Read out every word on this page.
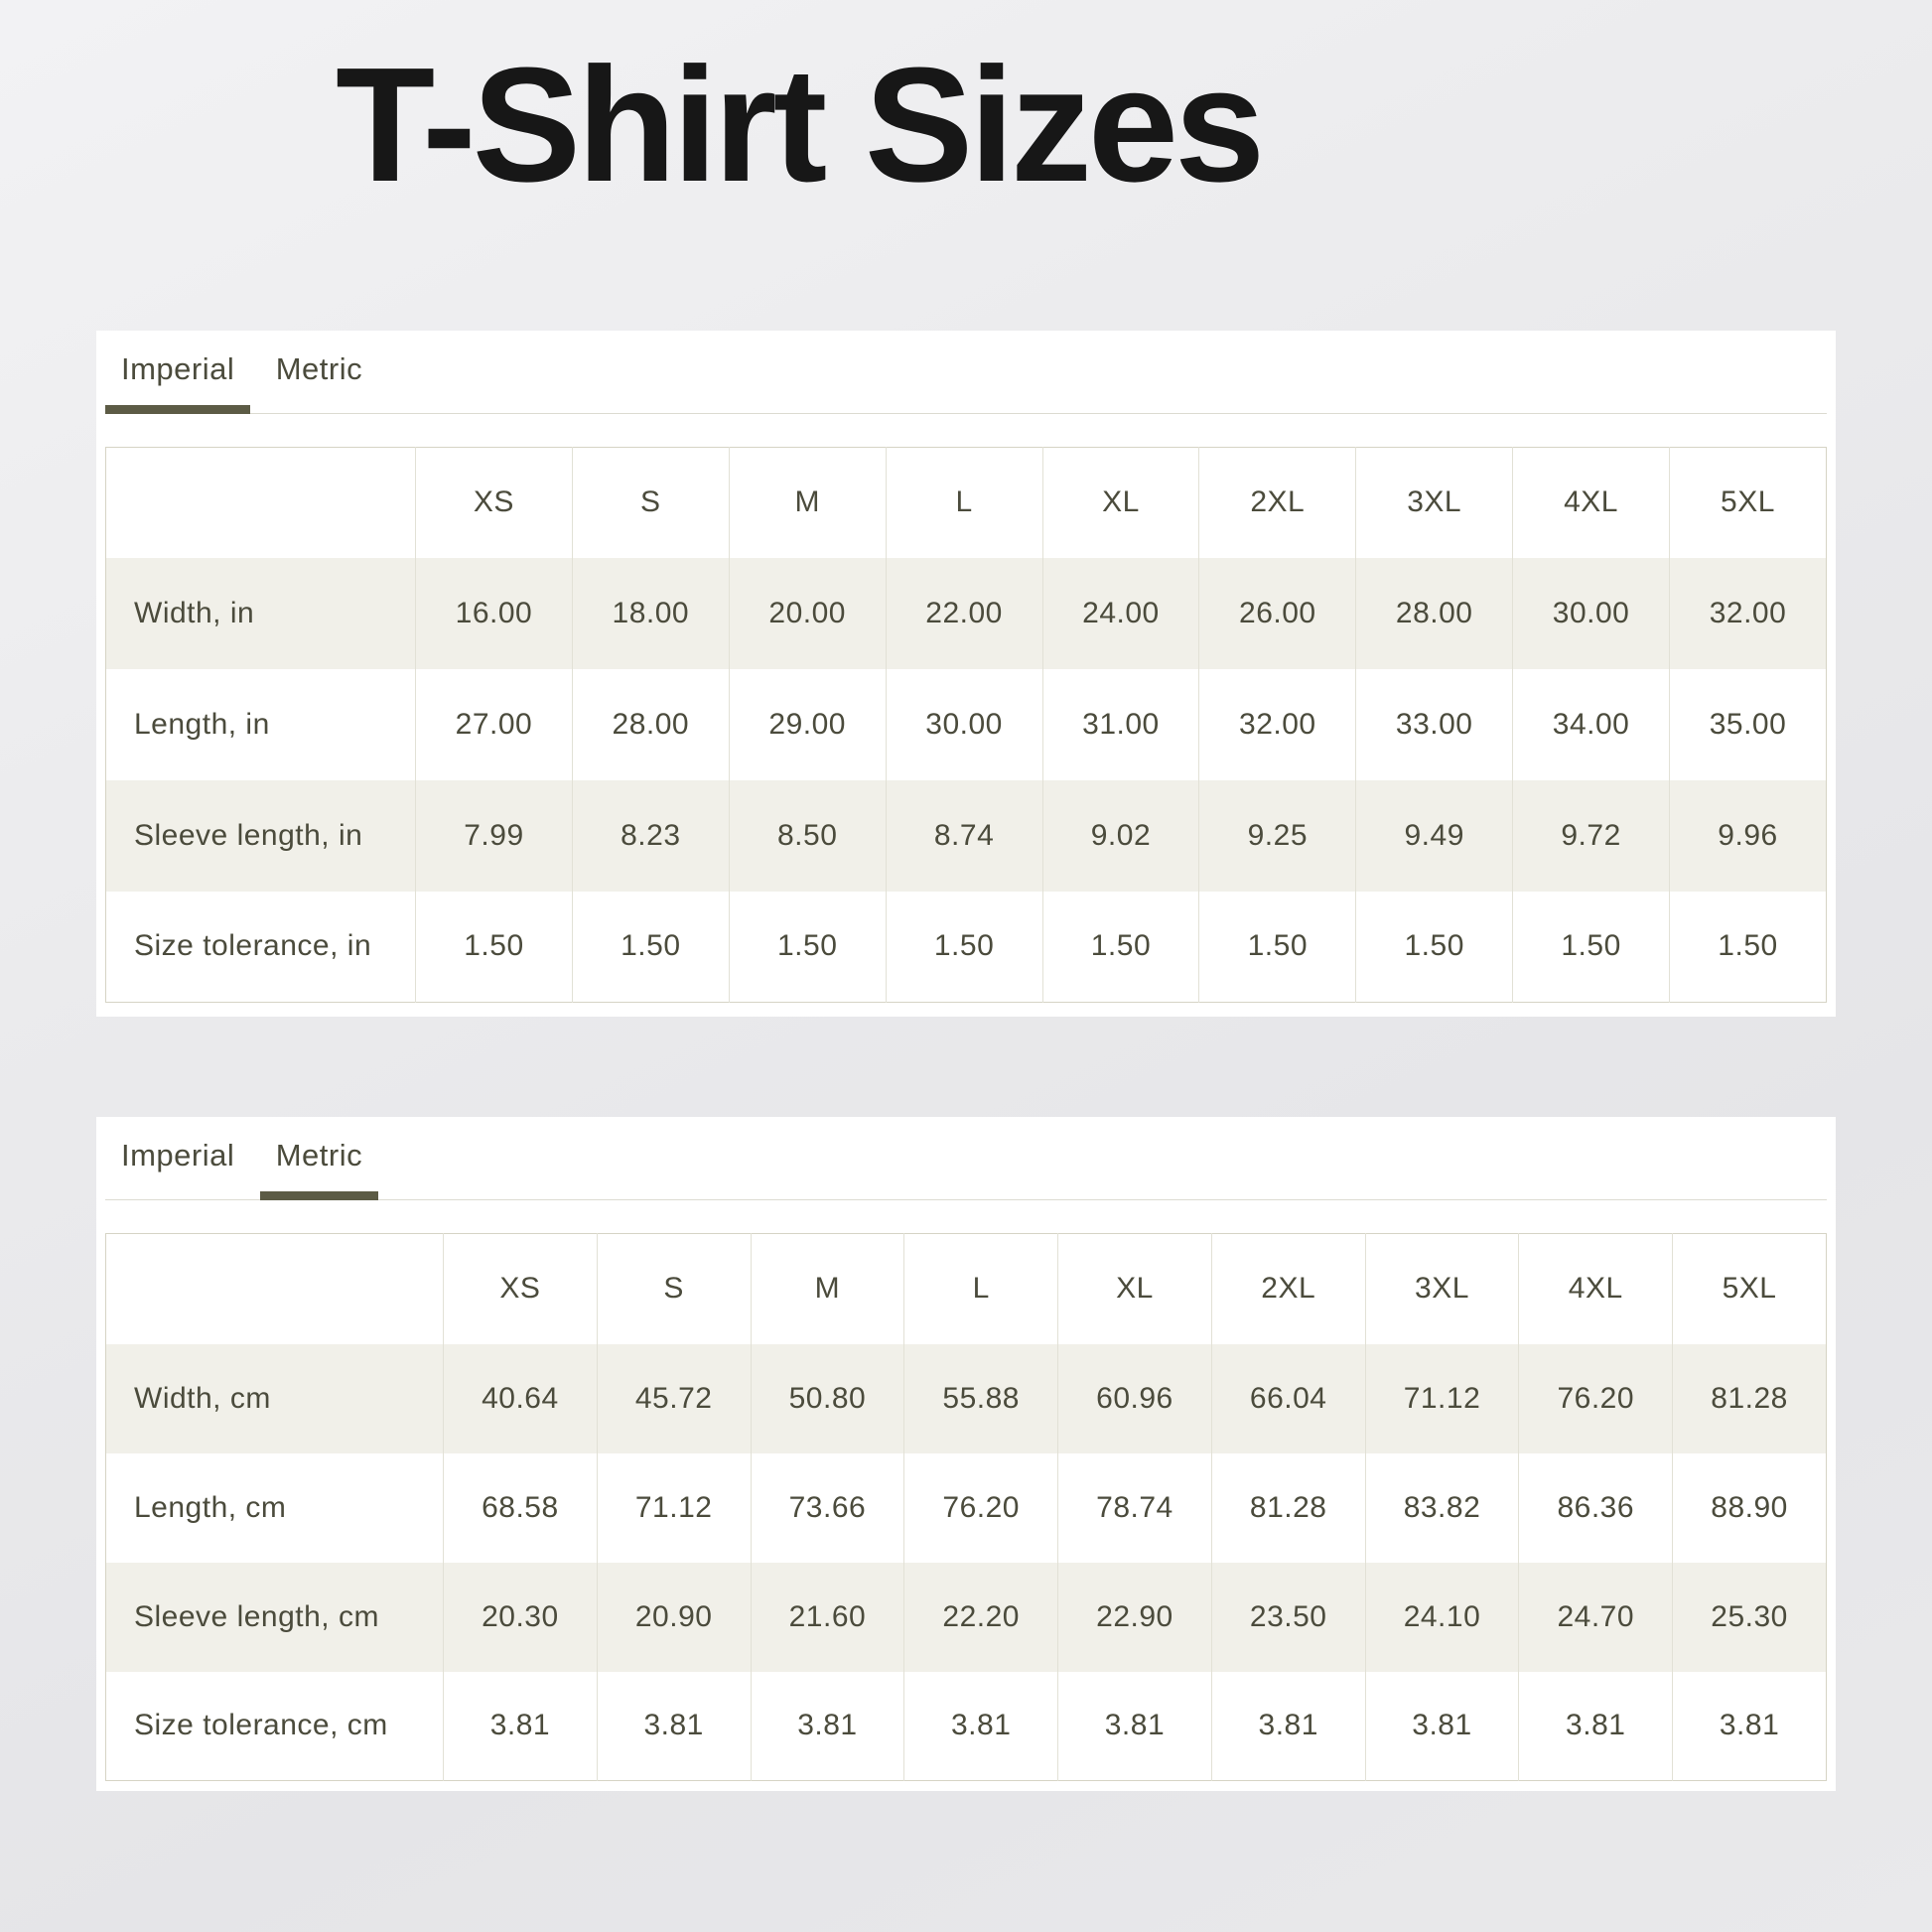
T-Shirt Sizes
Imperial Metric
	XS	S	M	L	XL	2XL	3XL	4XL	5XL
Width, in	16.00	18.00	20.00	22.00	24.00	26.00	28.00	30.00	32.00
Length, in	27.00	28.00	29.00	30.00	31.00	32.00	33.00	34.00	35.00
Sleeve length, in	7.99	8.23	8.50	8.74	9.02	9.25	9.49	9.72	9.96
Size tolerance, in	1.50	1.50	1.50	1.50	1.50	1.50	1.50	1.50	1.50
Imperial Metric
	XS	S	M	L	XL	2XL	3XL	4XL	5XL
Width, cm	40.64	45.72	50.80	55.88	60.96	66.04	71.12	76.20	81.28
Length, cm	68.58	71.12	73.66	76.20	78.74	81.28	83.82	86.36	88.90
Sleeve length, cm	20.30	20.90	21.60	22.20	22.90	23.50	24.10	24.70	25.30
Size tolerance, cm	3.81	3.81	3.81	3.81	3.81	3.81	3.81	3.81	3.81
